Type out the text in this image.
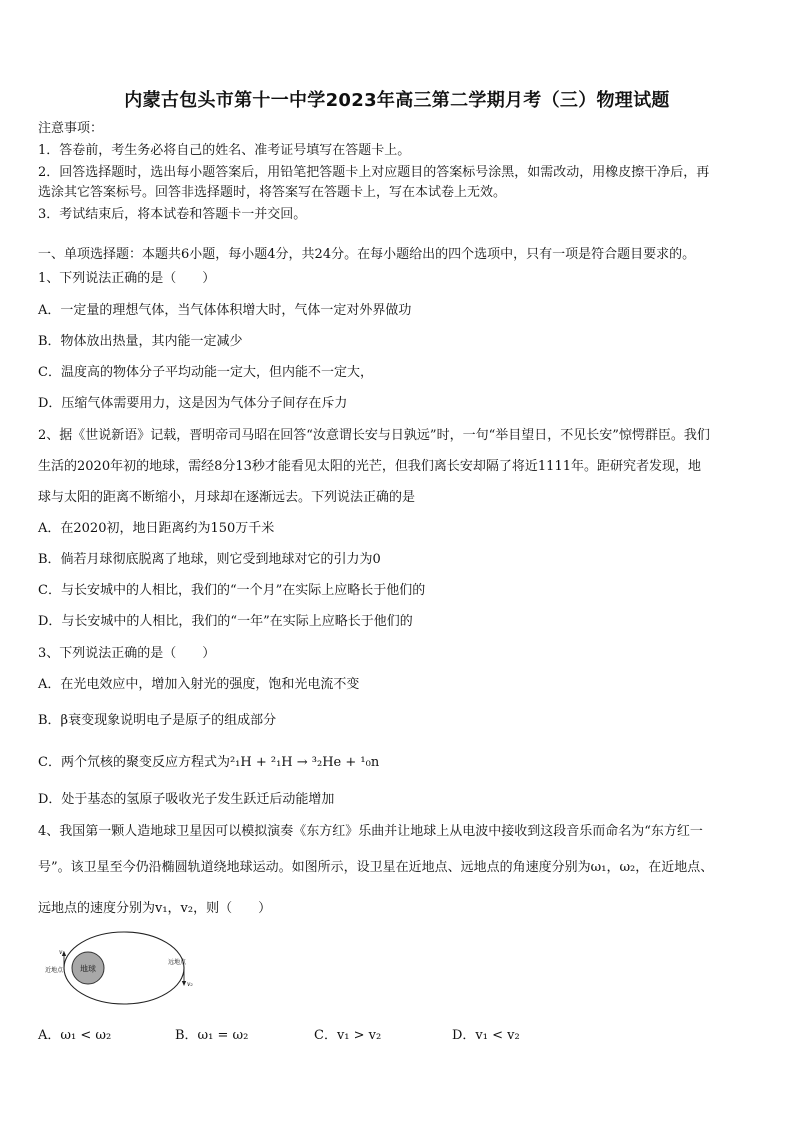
内蒙古包头市第十一中学2023年高三第二学期月考（三）物理试题
注意事项：
1．答卷前，考生务必将自己的姓名、准考证号填写在答题卡上。
2．回答选择题时，选出每小题答案后，用铅笔把答题卡上对应题目的答案标号涂黑，如需改动，用橡皮擦干净后，再
选涂其它答案标号。回答非选择题时，将答案写在答题卡上，写在本试卷上无效。
3．考试结束后，将本试卷和答题卡一并交回。
一、单项选择题：本题共6小题，每小题4分，共24分。在每小题给出的四个选项中，只有一项是符合题目要求的。
1、下列说法正确的是（　　）
A．一定量的理想气体，当气体体积增大时，气体一定对外界做功
B．物体放出热量，其内能一定减少
C．温度高的物体分子平均动能一定大，但内能不一定大，
D．压缩气体需要用力，这是因为气体分子间存在斥力
2、据《世说新语》记载，晋明帝司马昭在回答“汝意谓长安与日孰远”时，一句“举目望日，不见长安”惊愕群臣。我们
生活的2020年初的地球，需经8分13秒才能看见太阳的光芒，但我们离长安却隔了将近1111年。距研究者发现，地
球与太阳的距离不断缩小，月球却在逐渐远去。下列说法正确的是
A．在2020初，地日距离约为150万千米
B．倘若月球彻底脱离了地球，则它受到地球对它的引力为0
C．与长安城中的人相比，我们的“一个月”在实际上应略长于他们的
D．与长安城中的人相比，我们的“一年”在实际上应略长于他们的
3、下列说法正确的是（　　）
A．在光电效应中，增加入射光的强度，饱和光电流不变
B．β衰变现象说明电子是原子的组成部分
C．两个氘核的聚变反应方程式为²₁H + ²₁H → ³₂He + ¹₀n
D．处于基态的氢原子吸收光子发生跃迁后动能增加
4、我国第一颗人造地球卫星因可以模拟演奏《东方红》乐曲并让地球上从电波中接收到这段音乐而命名为“东方红一
号”。该卫星至今仍沿椭圆轨道绕地球运动。如图所示，设卫星在近地点、远地点的角速度分别为ω₁，ω₂，在近地点、
远地点的速度分别为v₁，v₂，则（　　）
地球
v₁
近地点
v₂
远地点
A．ω₁ < ω₂	B．ω₁ = ω₂	C．v₁ > v₂	D．v₁ < v₂
